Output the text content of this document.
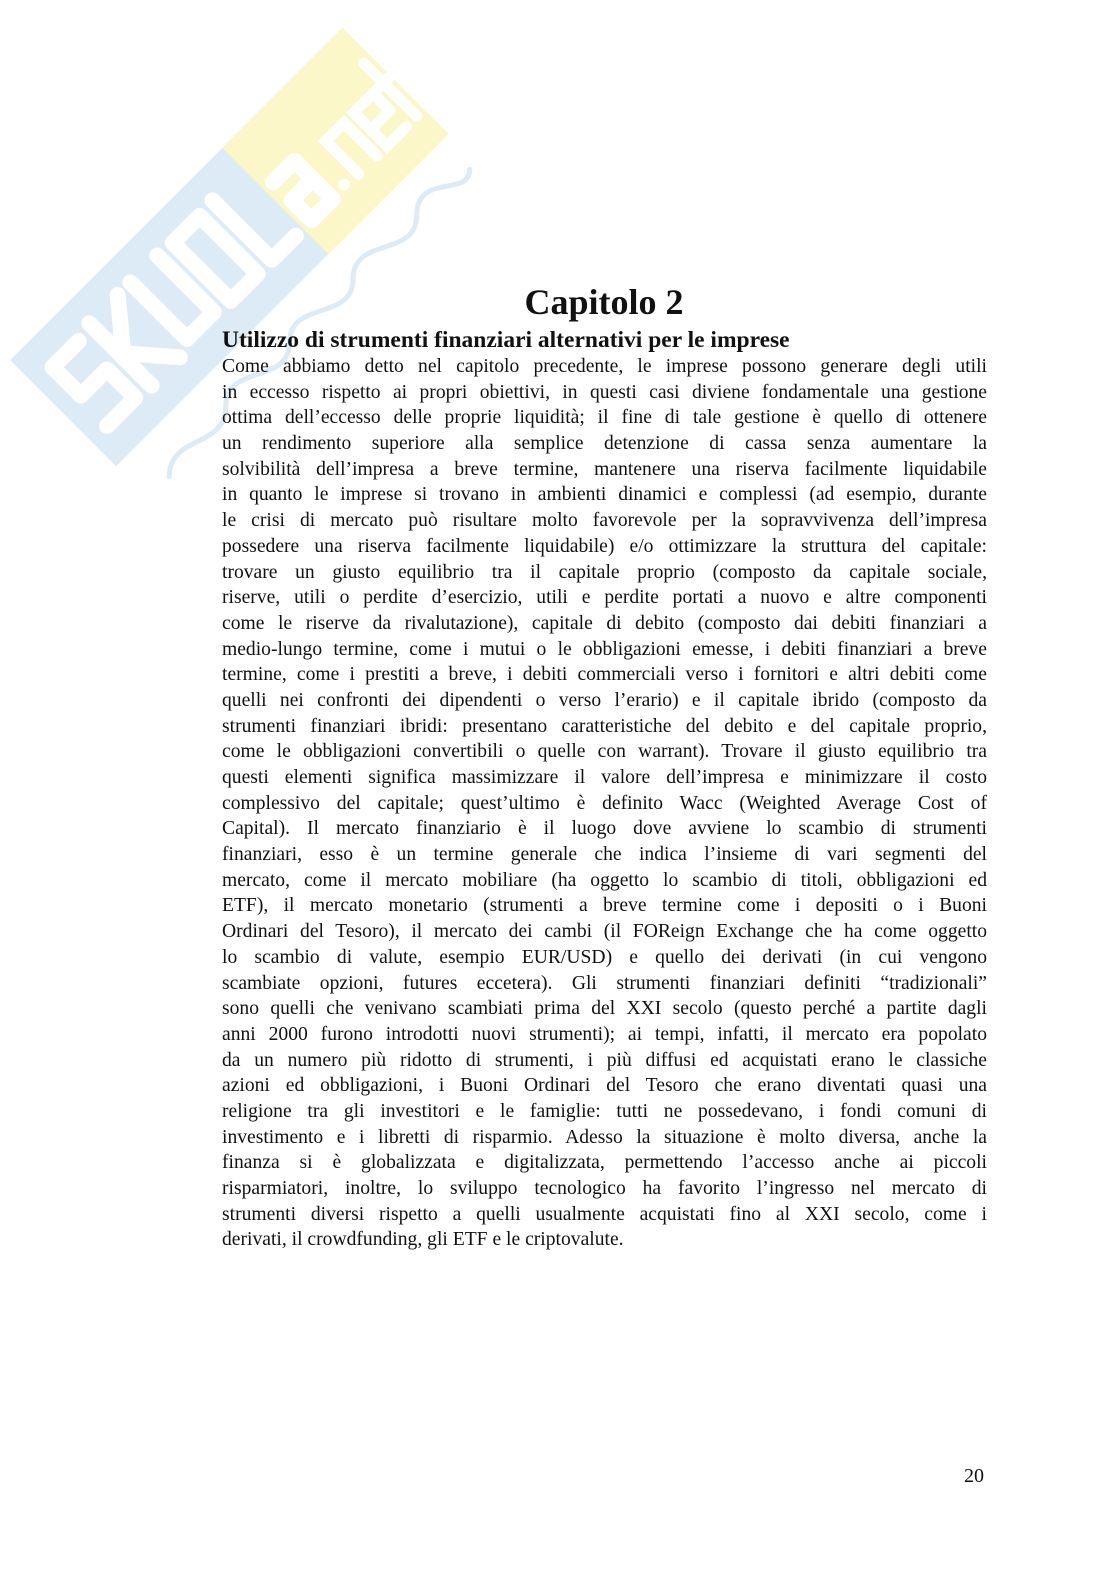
Capitolo 2
Utilizzo di strumenti finanziari alternativi per le imprese
Come abbiamo detto nel capitolo precedente, le imprese possono generare degli utili
in eccesso rispetto ai propri obiettivi, in questi casi diviene fondamentale una gestione
ottima dell’eccesso delle proprie liquidità; il fine di tale gestione è quello di ottenere
un rendimento superiore alla semplice detenzione di cassa senza aumentare la
solvibilità dell’impresa a breve termine, mantenere una riserva facilmente liquidabile
in quanto le imprese si trovano in ambienti dinamici e complessi (ad esempio, durante
le crisi di mercato può risultare molto favorevole per la sopravvivenza dell’impresa
possedere una riserva facilmente liquidabile) e/o ottimizzare la struttura del capitale:
trovare un giusto equilibrio tra il capitale proprio (composto da capitale sociale,
riserve, utili o perdite d’esercizio, utili e perdite portati a nuovo e altre componenti
come le riserve da rivalutazione), capitale di debito (composto dai debiti finanziari a
medio-lungo termine, come i mutui o le obbligazioni emesse, i debiti finanziari a breve
termine, come i prestiti a breve, i debiti commerciali verso i fornitori e altri debiti come
quelli nei confronti dei dipendenti o verso l’erario) e il capitale ibrido (composto da
strumenti finanziari ibridi: presentano caratteristiche del debito e del capitale proprio,
come le obbligazioni convertibili o quelle con warrant). Trovare il giusto equilibrio tra
questi elementi significa massimizzare il valore dell’impresa e minimizzare il costo
complessivo del capitale; quest’ultimo è definito Wacc (Weighted Average Cost of
Capital). Il mercato finanziario è il luogo dove avviene lo scambio di strumenti
finanziari, esso è un termine generale che indica l’insieme di vari segmenti del
mercato, come il mercato mobiliare (ha oggetto lo scambio di titoli, obbligazioni ed
ETF), il mercato monetario (strumenti a breve termine come i depositi o i Buoni
Ordinari del Tesoro), il mercato dei cambi (il FOReign Exchange che ha come oggetto
lo scambio di valute, esempio EUR/USD) e quello dei derivati (in cui vengono
scambiate opzioni, futures eccetera). Gli strumenti finanziari definiti “tradizionali”
sono quelli che venivano scambiati prima del XXI secolo (questo perché a partite dagli
anni 2000 furono introdotti nuovi strumenti); ai tempi, infatti, il mercato era popolato
da un numero più ridotto di strumenti, i più diffusi ed acquistati erano le classiche
azioni ed obbligazioni, i Buoni Ordinari del Tesoro che erano diventati quasi una
religione tra gli investitori e le famiglie: tutti ne possedevano, i fondi comuni di
investimento e i libretti di risparmio. Adesso la situazione è molto diversa, anche la
finanza si è globalizzata e digitalizzata, permettendo l’accesso anche ai piccoli
risparmiatori, inoltre, lo sviluppo tecnologico ha favorito l’ingresso nel mercato di
strumenti diversi rispetto a quelli usualmente acquistati fino al XXI secolo, come i
derivati, il crowdfunding, gli ETF e le criptovalute.
20
